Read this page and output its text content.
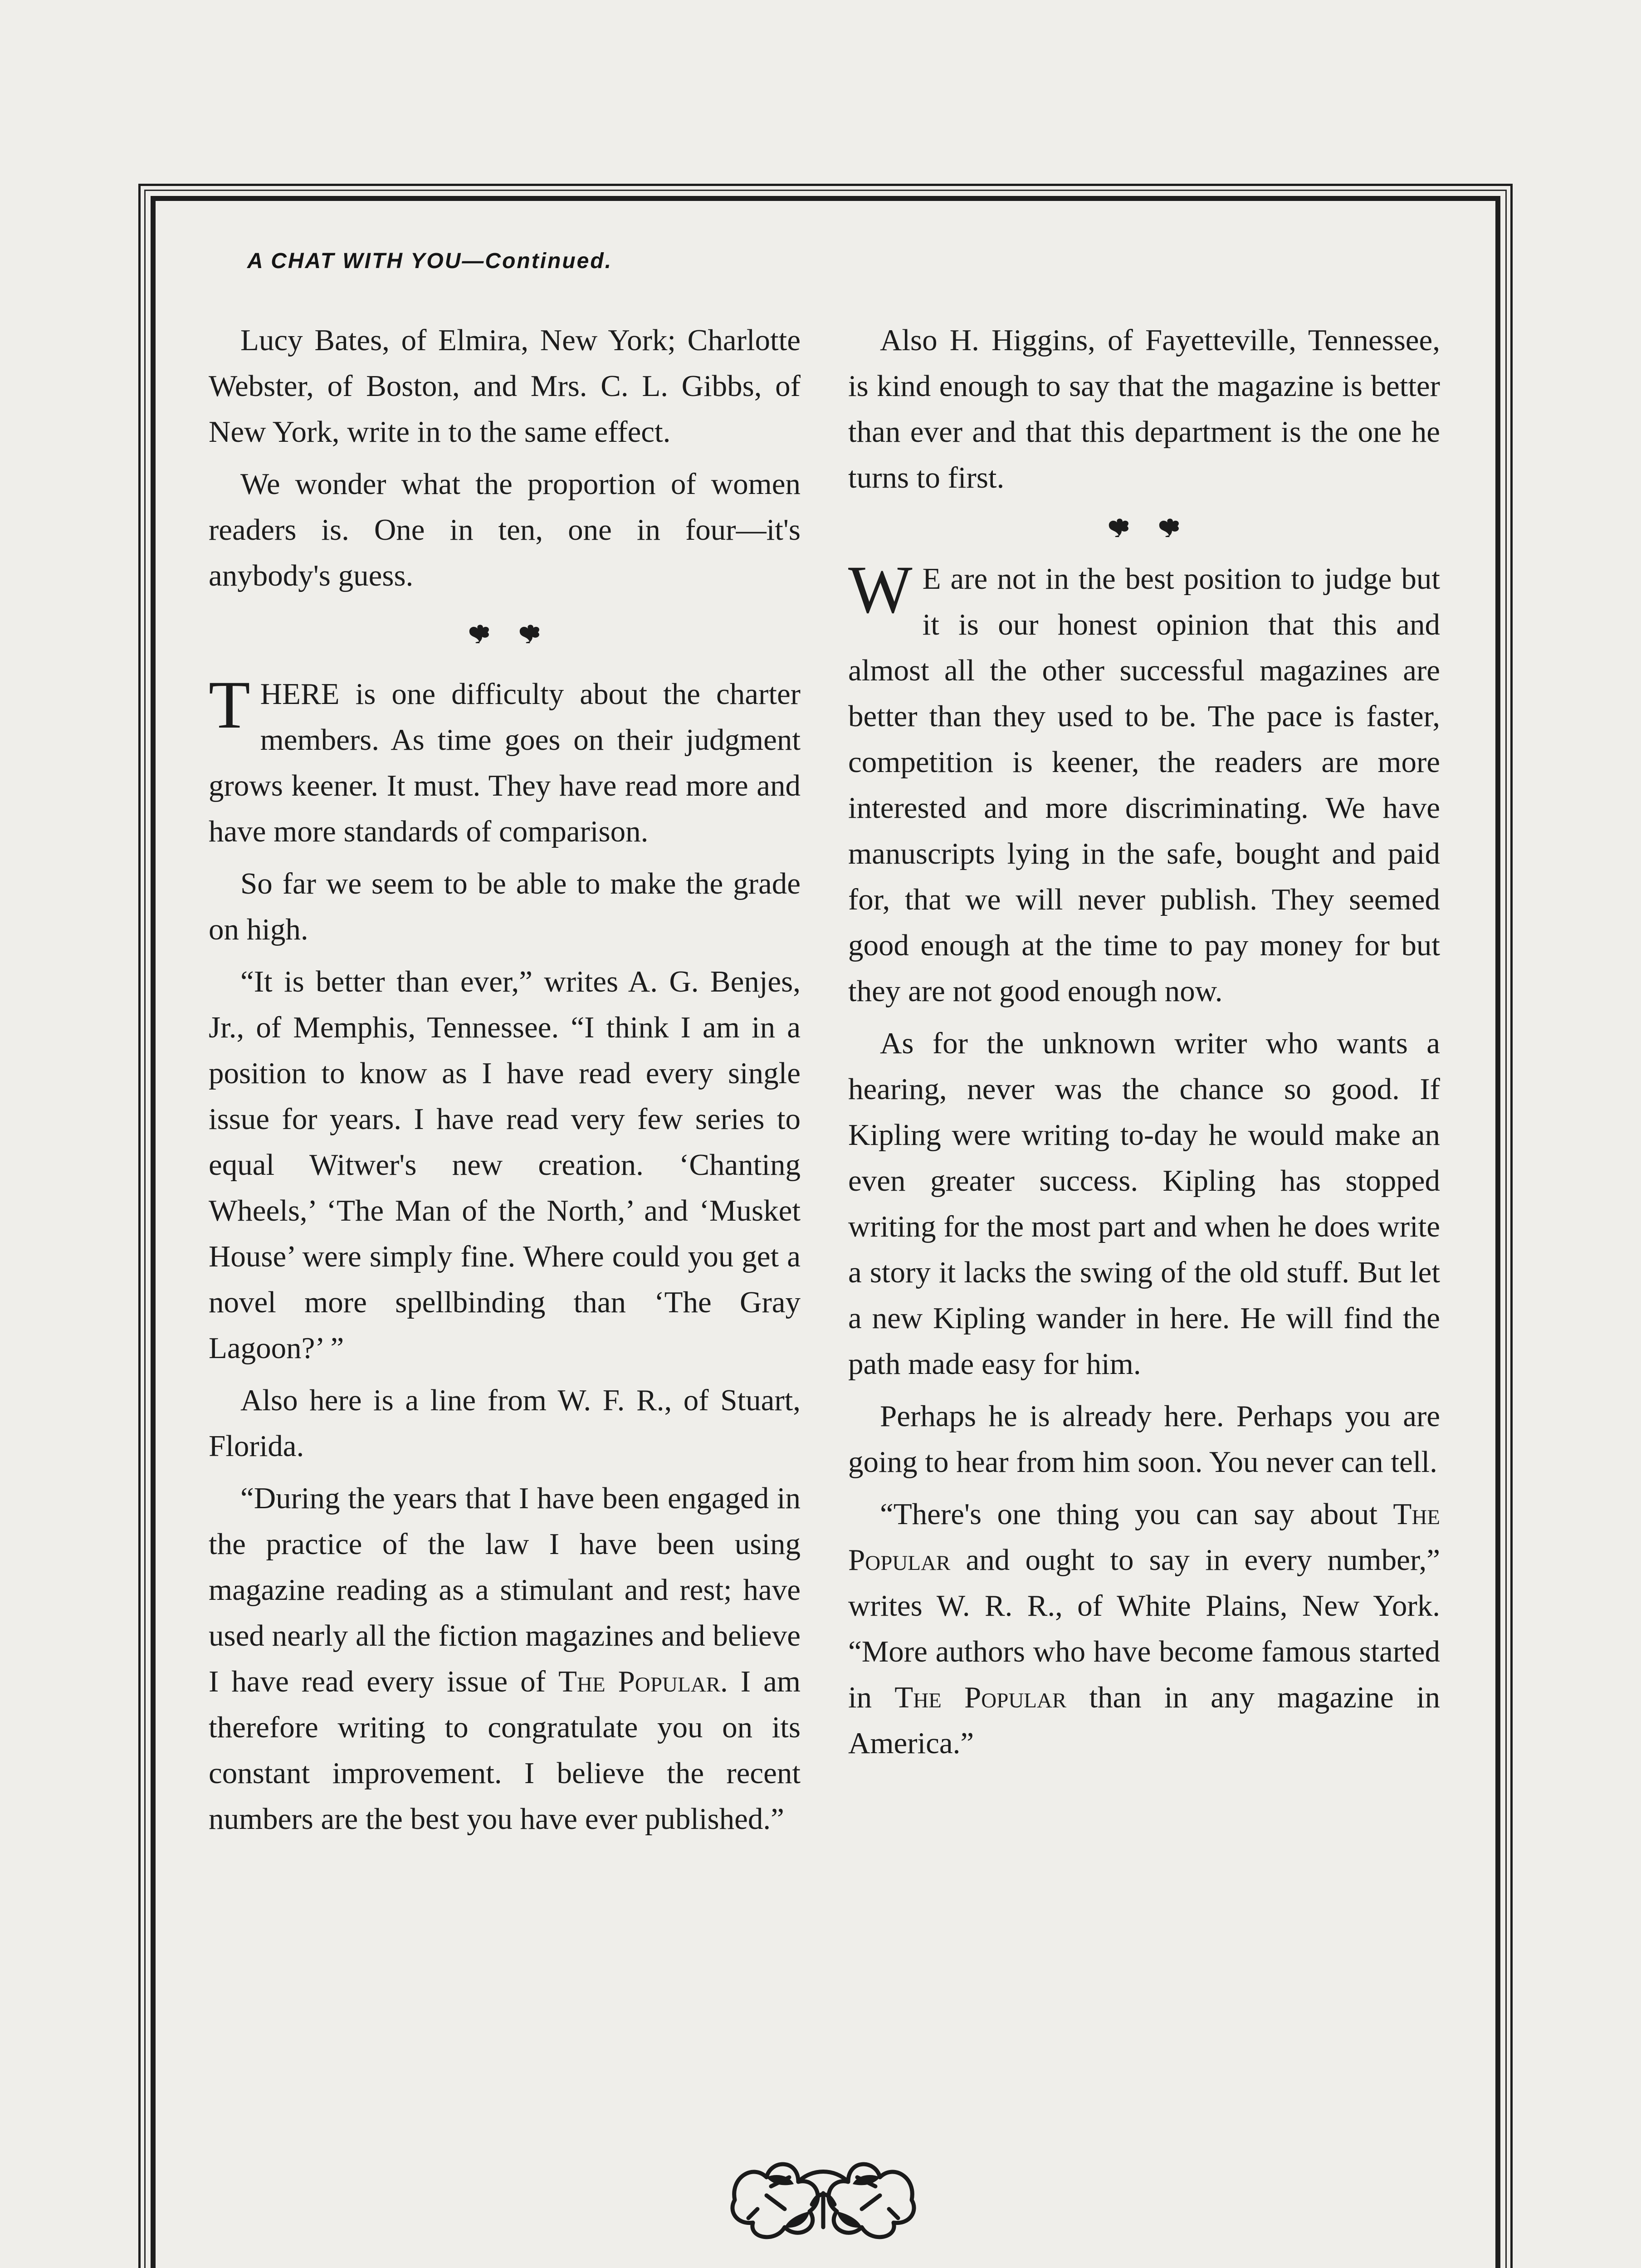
A CHAT WITH YOU—Continued.

Lucy Bates, of Elmira, New York; Charlotte Webster, of Boston, and Mrs. C. L. Gibbs, of New York, write in to the same effect.

We wonder what the proportion of women readers is. One in ten, one in four—it's anybody's guess.

THERE is one difficulty about the charter members. As time goes on their judgment grows keener. It must. They have read more and have more standards of comparison.

So far we seem to be able to make the grade on high.

“It is better than ever,” writes A. G. Benjes, Jr., of Memphis, Tennessee. “I think I am in a position to know as I have read every single issue for years. I have read very few series to equal Witwer's new creation. ‘Chanting Wheels,’ ‘The Man of the North,’ and ‘Musket House’ were simply fine. Where could you get a novel more spellbinding than ‘The Gray Lagoon?’ ”

Also here is a line from W. F. R., of Stuart, Florida.

“During the years that I have been engaged in the practice of the law I have been using magazine reading as a stimulant and rest; have used nearly all the fiction magazines and believe I have read every issue of The Popular. I am therefore writing to congratulate you on its constant improvement. I believe the recent numbers are the best you have ever published.”

Also H. Higgins, of Fayetteville, Tennessee, is kind enough to say that the magazine is better than ever and that this department is the one he turns to first.

W E are not in the best position to judge but it is our honest opinion that this and almost all the other successful magazines are better than they used to be. The pace is faster, competition is keener, the readers are more interested and more discriminating. We have manuscripts lying in the safe, bought and paid for, that we will never publish. They seemed good enough at the time to pay money for but they are not good enough now.

As for the unknown writer who wants a hearing, never was the chance so good. If Kipling were writing to-day he would make an even greater success. Kipling has stopped writing for the most part and when he does write a story it lacks the swing of the old stuff. But let a new Kipling wander in here. He will find the path made easy for him.

Perhaps he is already here. Perhaps you are going to hear from him soon. You never can tell.

“There's one thing you can say about The Popular and ought to say in every number,” writes W. R. R., of White Plains, New York. “More authors who have become famous started in The Popular than in any magazine in America.”
